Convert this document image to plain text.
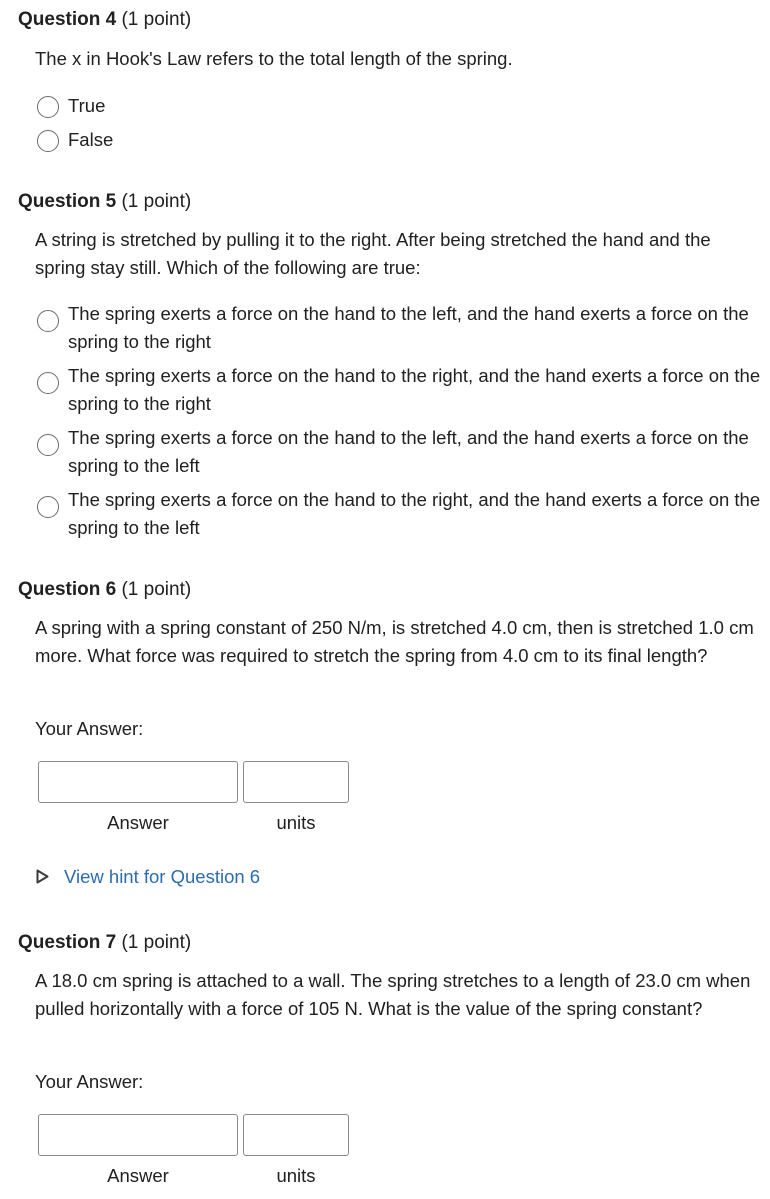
Question 4 (1 point)
The x in Hook's Law refers to the total length of the spring.
True
False
Question 5 (1 point)
A string is stretched by pulling it to the right. After being stretched the hand and the spring stay still. Which of the following are true:
The spring exerts a force on the hand to the left, and the hand exerts a force on the spring to the right
The spring exerts a force on the hand to the right, and the hand exerts a force on the spring to the right
The spring exerts a force on the hand to the left, and the hand exerts a force on the spring to the left
The spring exerts a force on the hand to the right, and the hand exerts a force on the spring to the left
Question 6 (1 point)
A spring with a spring constant of 250 N/m, is stretched 4.0 cm, then is stretched 1.0 cm more. What force was required to stretch the spring from 4.0 cm to its final length?
Your Answer:
Answer	units
View hint for Question 6
Question 7 (1 point)
A 18.0 cm spring is attached to a wall. The spring stretches to a length of 23.0 cm when pulled horizontally with a force of 105 N. What is the value of the spring constant?
Your Answer:
Answer	units
